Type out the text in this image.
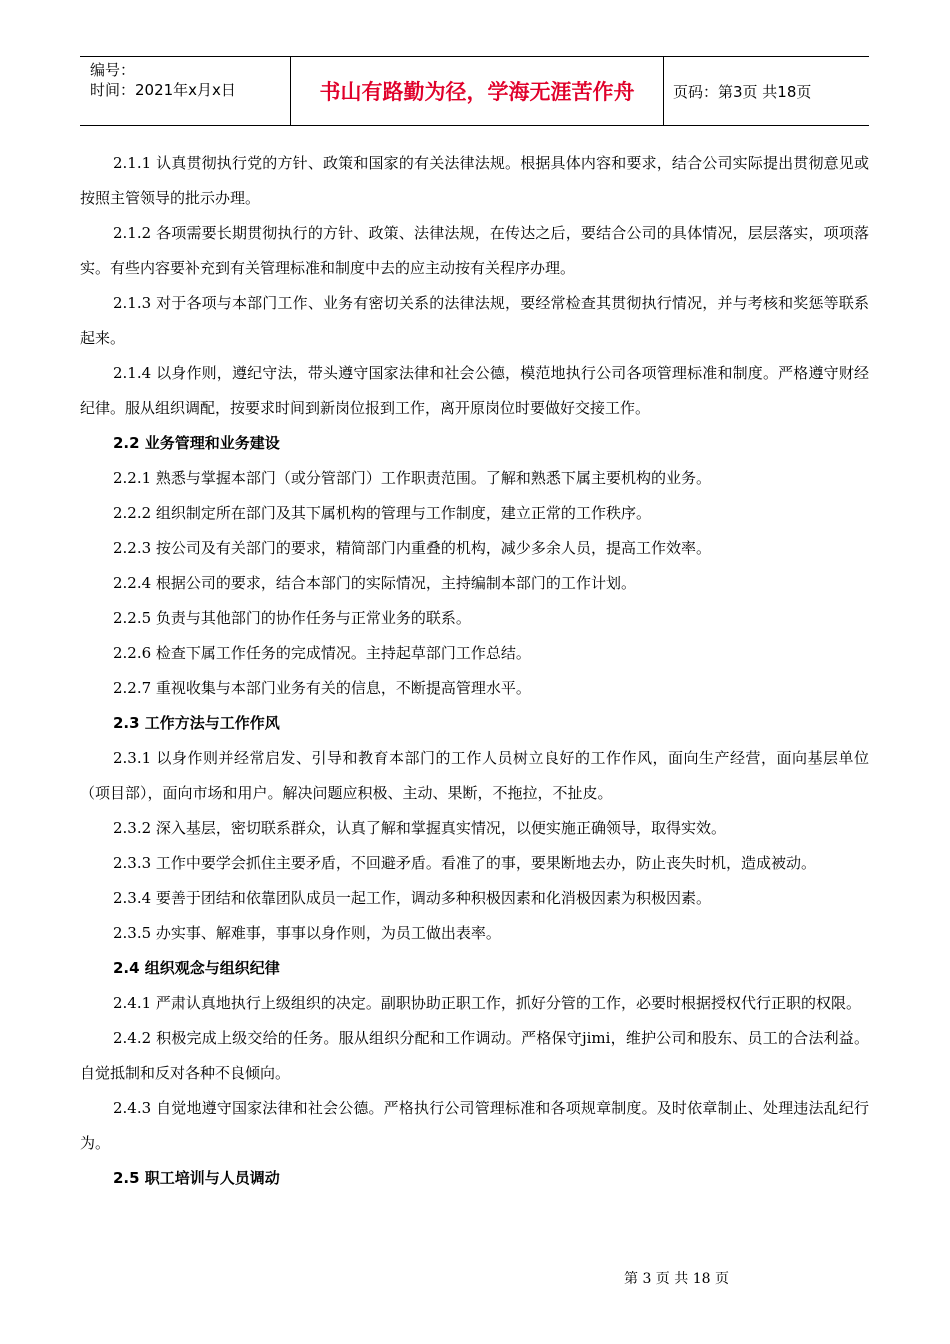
编号：
时间：2021年x月x日	书山有路勤为径，学海无涯苦作舟	页码：第3页 共18页

2.1.1 认真贯彻执行党的方针、政策和国家的有关法律法规。根据具体内容和要求，结合公司实际提出贯彻意见或按照主管领导的批示办理。

2.1.2 各项需要长期贯彻执行的方针、政策、法律法规，在传达之后，要结合公司的具体情况，层层落实，项项落实。有些内容要补充到有关管理标准和制度中去的应主动按有关程序办理。

2.1.3 对于各项与本部门工作、业务有密切关系的法律法规，要经常检查其贯彻执行情况，并与考核和奖惩等联系起来。

2.1.4 以身作则，遵纪守法，带头遵守国家法律和社会公德，模范地执行公司各项管理标准和制度。严格遵守财经纪律。服从组织调配，按要求时间到新岗位报到工作，离开原岗位时要做好交接工作。

2.2 业务管理和业务建设

2.2.1 熟悉与掌握本部门（或分管部门）工作职责范围。了解和熟悉下属主要机构的业务。

2.2.2 组织制定所在部门及其下属机构的管理与工作制度，建立正常的工作秩序。

2.2.3 按公司及有关部门的要求，精简部门内重叠的机构，减少多余人员，提高工作效率。

2.2.4 根据公司的要求，结合本部门的实际情况，主持编制本部门的工作计划。

2.2.5 负责与其他部门的协作任务与正常业务的联系。

2.2.6 检查下属工作任务的完成情况。主持起草部门工作总结。

2.2.7 重视收集与本部门业务有关的信息，不断提高管理水平。

2.3 工作方法与工作作风

2.3.1 以身作则并经常启发、引导和教育本部门的工作人员树立良好的工作作风，面向生产经营，面向基层单位（项目部），面向市场和用户。解决问题应积极、主动、果断，不拖拉，不扯皮。

2.3.2 深入基层，密切联系群众，认真了解和掌握真实情况，以便实施正确领导，取得实效。

2.3.3 工作中要学会抓住主要矛盾，不回避矛盾。看准了的事，要果断地去办，防止丧失时机，造成被动。

2.3.4 要善于团结和依靠团队成员一起工作，调动多种积极因素和化消极因素为积极因素。

2.3.5 办实事、解难事，事事以身作则，为员工做出表率。

2.4 组织观念与组织纪律

2.4.1 严肃认真地执行上级组织的决定。副职协助正职工作，抓好分管的工作，必要时根据授权代行正职的权限。

2.4.2 积极完成上级交给的任务。服从组织分配和工作调动。严格保守jimi，维护公司和股东、员工的合法利益。自觉抵制和反对各种不良倾向。

2.4.3 自觉地遵守国家法律和社会公德。严格执行公司管理标准和各项规章制度。及时依章制止、处理违法乱纪行为。

2.5 职工培训与人员调动

第 3 页 共 18 页
